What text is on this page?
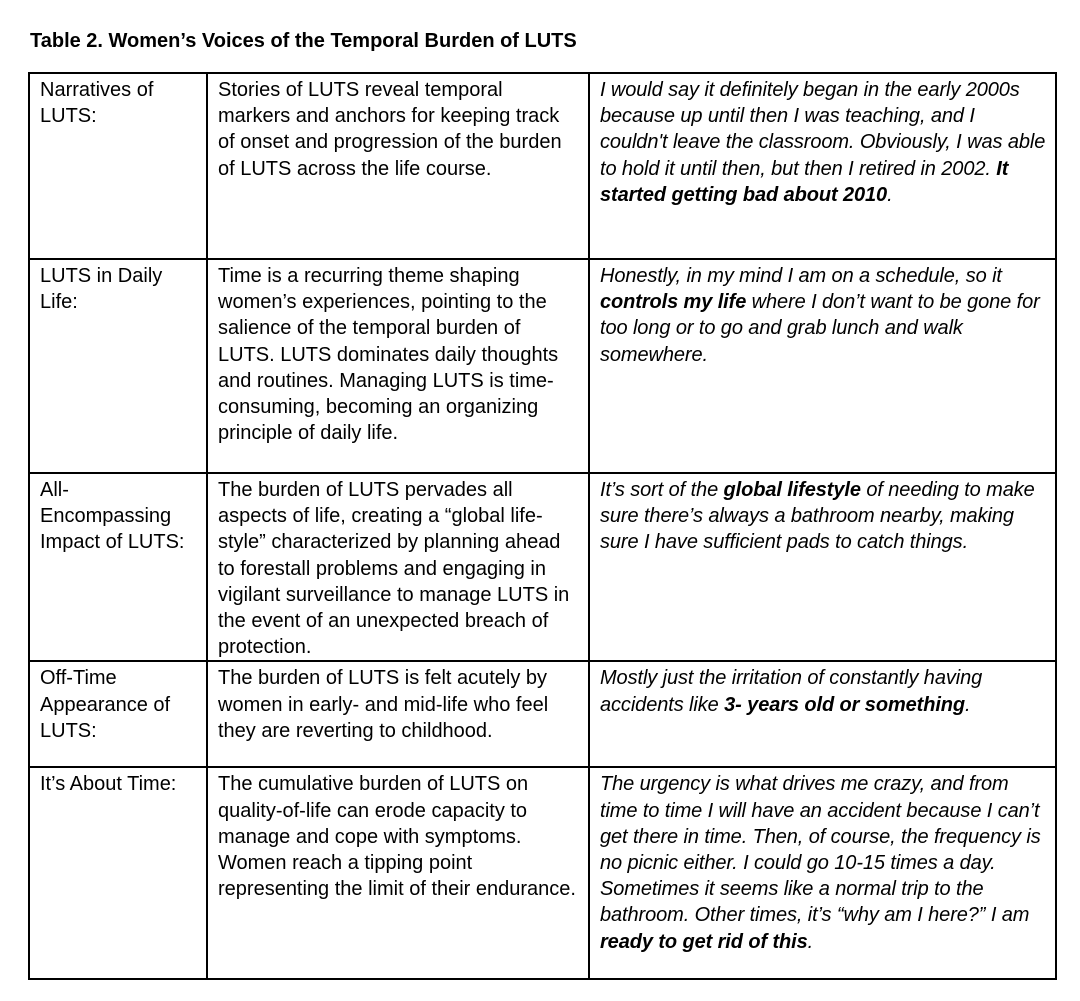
Table 2. Women’s Voices of the Temporal Burden of LUTS
Narratives of LUTS:	Stories of LUTS reveal temporal markers and anchors for keeping track of onset and progression of the burden of LUTS across the life course.	I would say it definitely began in the early 2000s because up until then I was teaching, and I couldn't leave the classroom. Obviously, I was able to hold it until then, but then I retired in 2002. It started getting bad about 2010.
LUTS in Daily Life:	Time is a recurring theme shaping women’s experiences, pointing to the salience of the temporal burden of LUTS. LUTS dominates daily thoughts and routines. Managing LUTS is time- consuming, becoming an organizing principle of daily life.	Honestly, in my mind I am on a schedule, so it controls my life where I don’t want to be gone for too long or to go and grab lunch and walk somewhere.
All-Encompassing Impact of LUTS:	The burden of LUTS pervades all aspects of life, creating a “global life-style” characterized by planning ahead to forestall problems and engaging in vigilant surveillance to manage LUTS in the event of an unexpected breach of protection.	It’s sort of the global lifestyle of needing to make sure there’s always a bathroom nearby, making sure I have sufficient pads to catch things.
Off-Time Appearance of LUTS:	The burden of LUTS is felt acutely by women in early- and mid-life who feel they are reverting to childhood.	Mostly just the irritation of constantly having accidents like 3- years old or something.
It’s About Time:	The cumulative burden of LUTS on quality-of-life can erode capacity to manage and cope with symptoms. Women reach a tipping point representing the limit of their endurance.	The urgency is what drives me crazy, and from time to time I will have an accident because I can’t get there in time. Then, of course, the frequency is no picnic either. I could go 10-15 times a day. Sometimes it seems like a normal trip to the bathroom. Other times, it’s “why am I here?” I am ready to get rid of this.
